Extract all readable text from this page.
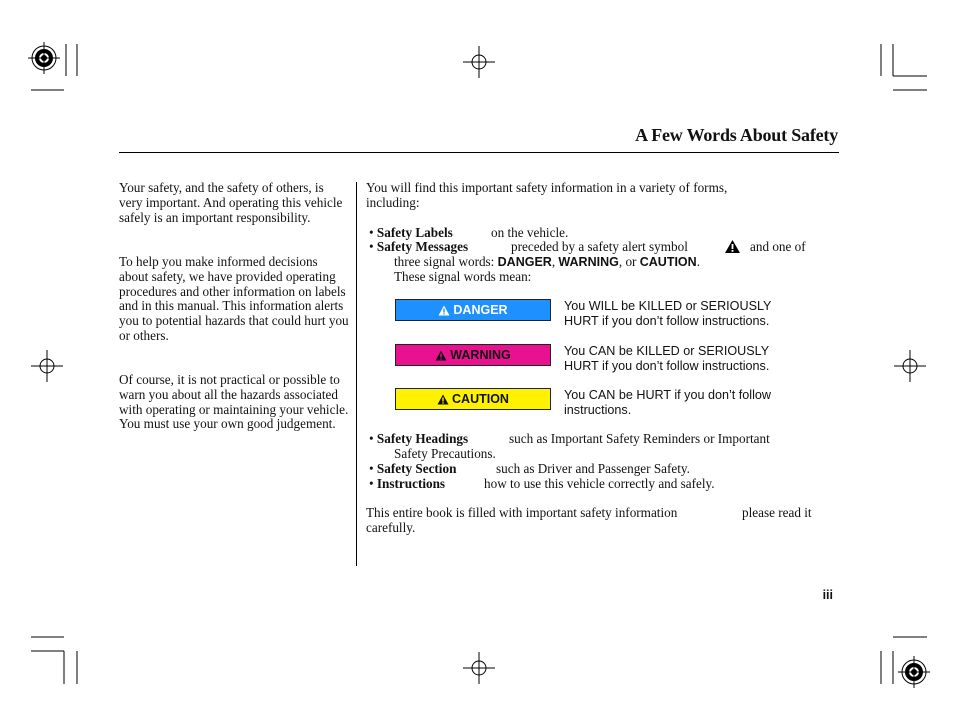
A Few Words About Safety

Your safety, and the safety of others, is very important. And operating this vehicle safely is an important responsibility.

To help you make informed decisions about safety, we have provided operating procedures and other information on labels and in this manual. This information alerts you to potential hazards that could hurt you or others.

Of course, it is not practical or possible to warn you about all the hazards associated with operating or maintaining your vehicle. You must use your own good judgement.

You will find this important safety information in a variety of forms,
including:
• Safety Labels	on the vehicle.
• Safety Messages	preceded by a safety alert symbol	and one of
three signal words: DANGER, WARNING, or CAUTION.
These signal words mean:
DANGER	You WILL be KILLED or SERIOUSLY
HURT if you don’t follow instructions.
WARNING	You CAN be KILLED or SERIOUSLY
HURT if you don’t follow instructions.
CAUTION	You CAN be HURT if you don’t follow
instructions.
• Safety Headings	such as Important Safety Reminders or Important
Safety Precautions.
• Safety Section	such as Driver and Passenger Safety.
• Instructions	how to use this vehicle correctly and safely.
This entire book is filled with important safety information	please read it
carefully.
iii
